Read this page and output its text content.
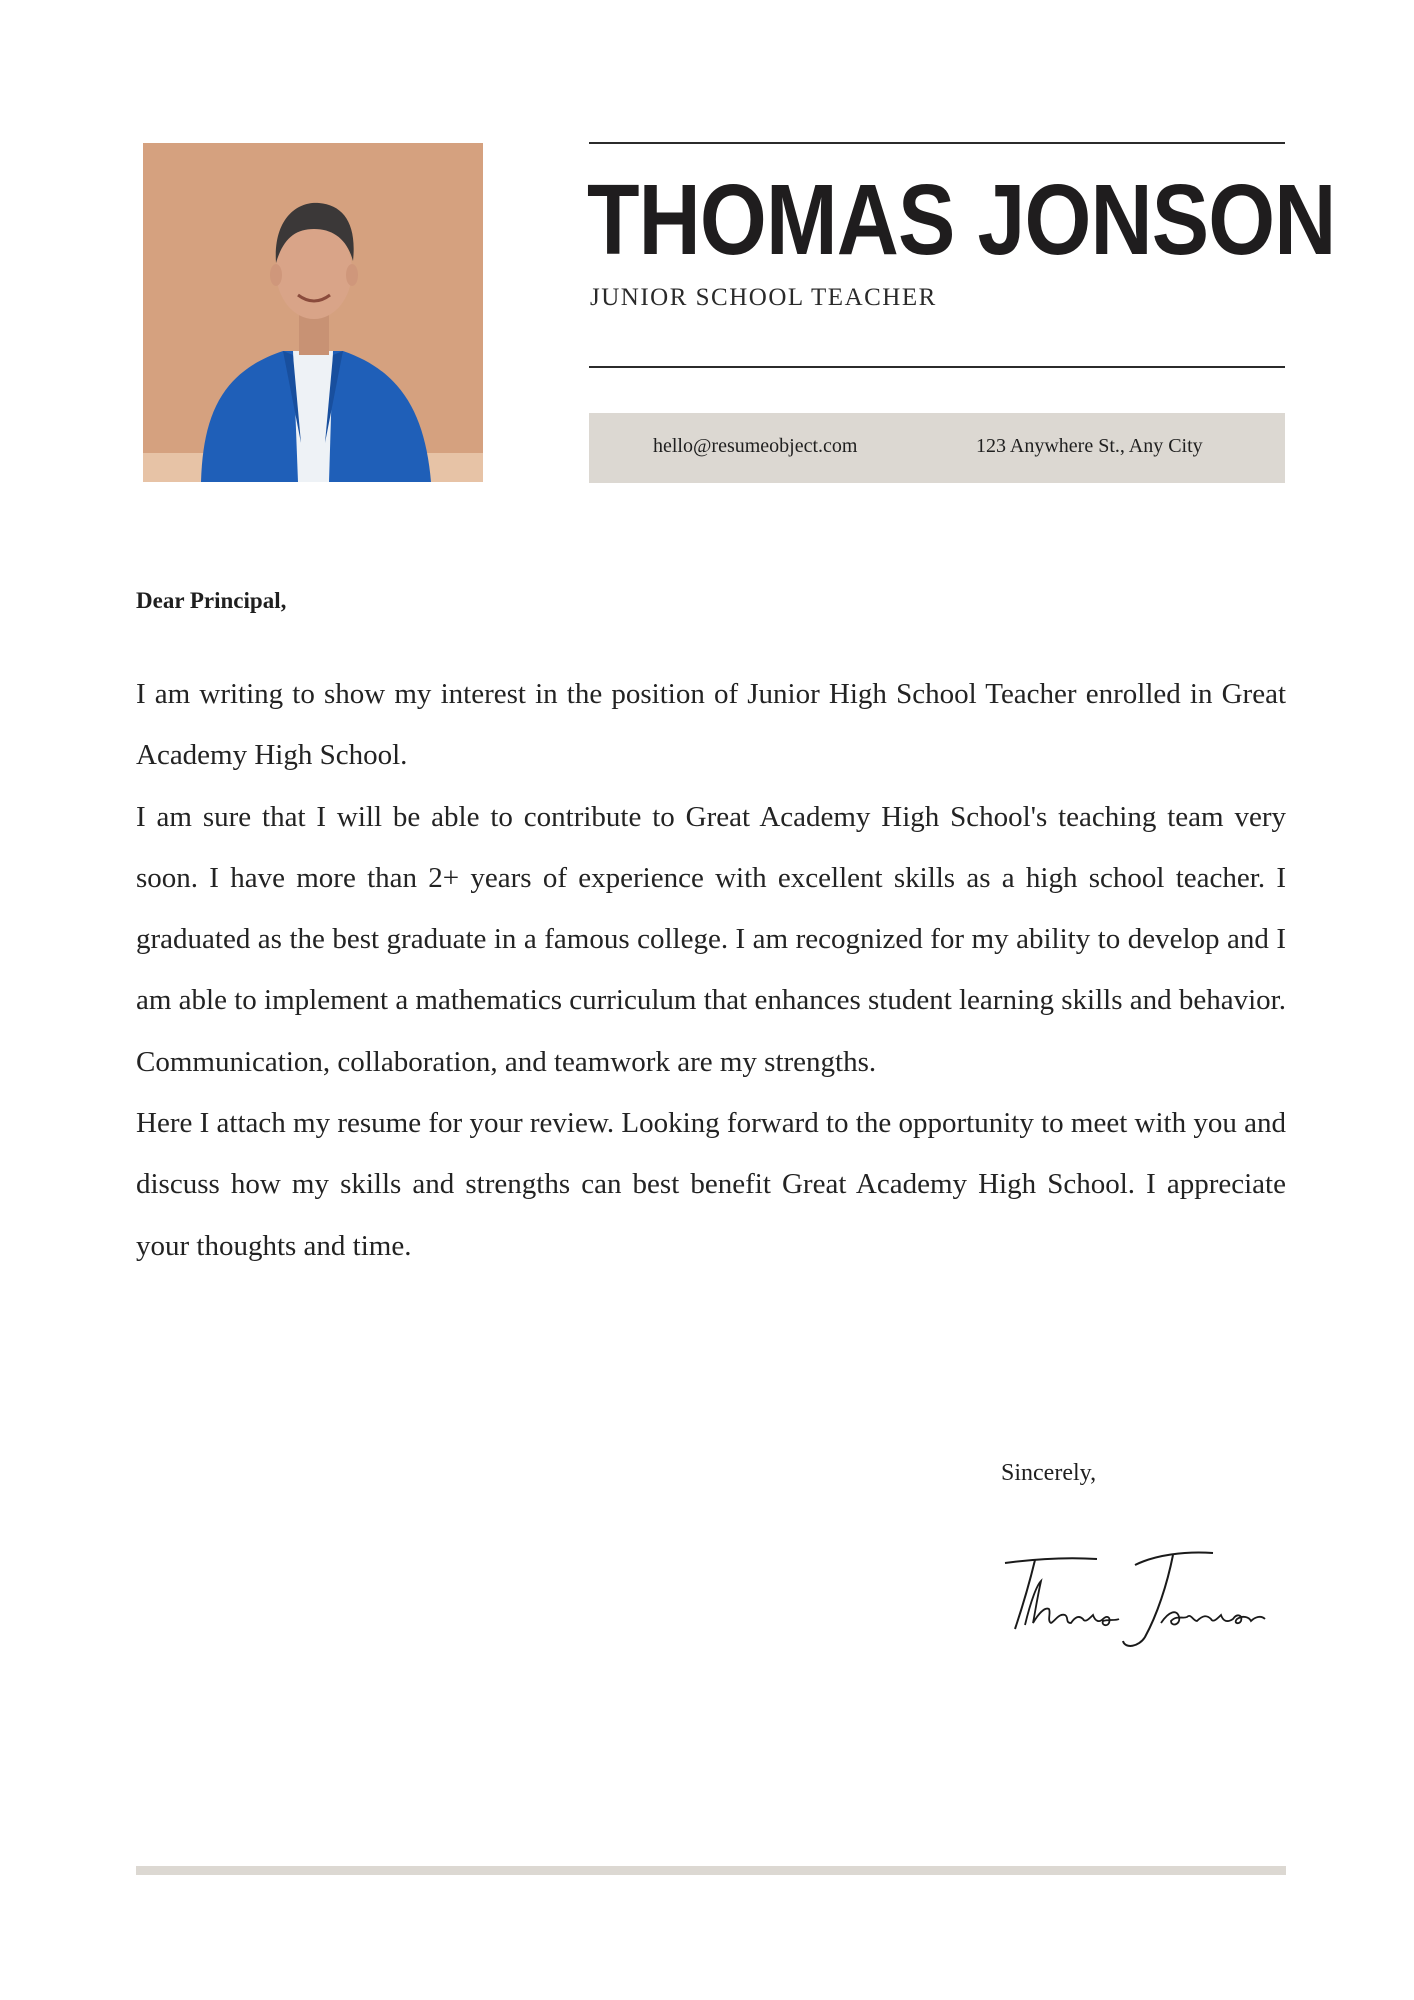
THOMAS JONSON
JUNIOR SCHOOL TEACHER
hello@resumeobject.com	123 Anywhere St., Any City
Dear Principal,

I am writing to show my interest in the position of Junior High School Teacher enrolled in Great Academy High School.

I am sure that I will be able to contribute to Great Academy High School's teaching team very soon. I have more than 2+ years of experience with excellent skills as a high school teacher. I graduated as the best graduate in a famous college. I am recognized for my ability to develop and I am able to implement a mathematics curriculum that enhances student learning skills and behavior. Communication, collaboration, and teamwork are my strengths.

Here I attach my resume for your review. Looking forward to the opportunity to meet with you and discuss how my skills and strengths can best benefit Great Academy High School. I appreciate your thoughts and time.

Sincerely,
